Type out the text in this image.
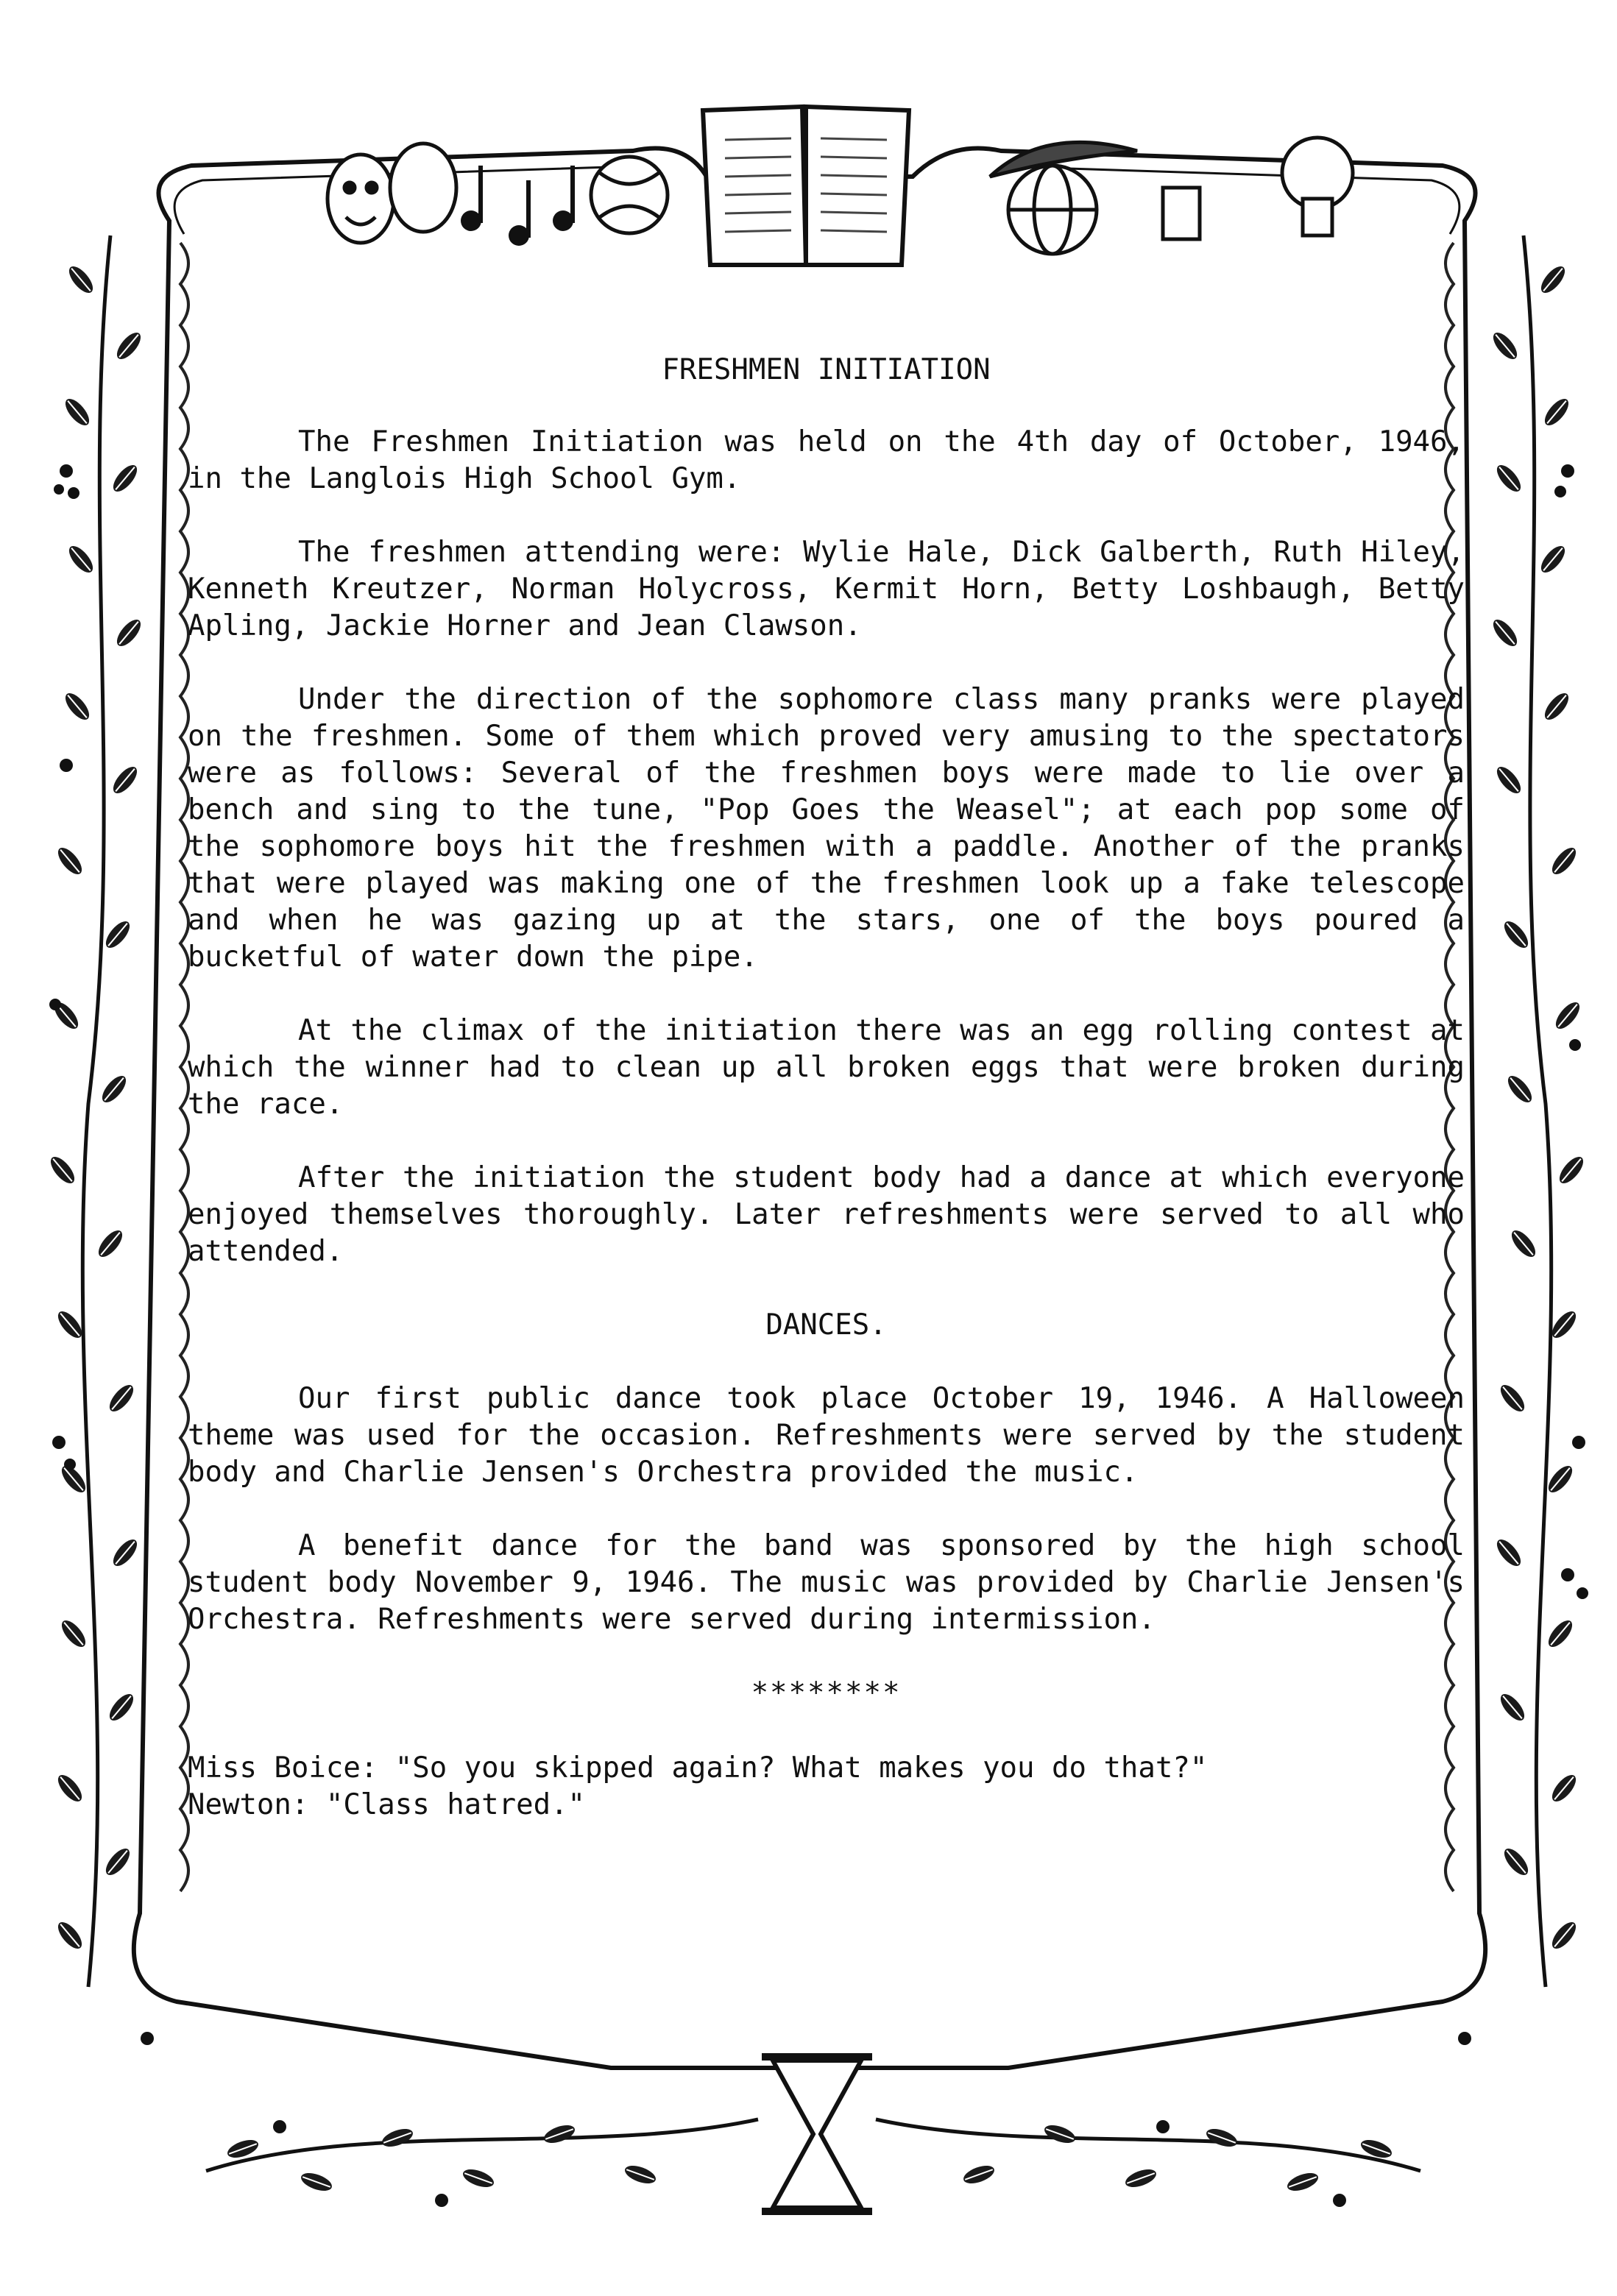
FRESHMEN INITIATION

The Freshmen Initiation was held on the 4th day of October, 1946, in the Langlois High School Gym.

The freshmen attending were: Wylie Hale, Dick Galberth, Ruth Hiley, Kenneth Kreutzer, Norman Holycross, Kermit Horn, Betty Loshbaugh, Betty Apling, Jackie Horner and Jean Clawson.

Under the direction of the sophomore class many pranks were played on the freshmen. Some of them which proved very amusing to the spectators were as follows: Several of the freshmen boys were made to lie over a bench and sing to the tune, "Pop Goes the Weasel"; at each pop some of the sophomore boys hit the freshmen with a paddle. Another of the pranks that were played was making one of the freshmen look up a fake telescope and when he was gazing up at the stars, one of the boys poured a bucketful of water down the pipe.

At the climax of the initiation there was an egg rolling contest at which the winner had to clean up all broken eggs that were broken during the race.

After the initiation the student body had a dance at which everyone enjoyed themselves thoroughly. Later refreshments were served to all who attended.

DANCES.

Our first public dance took place October 19, 1946. A Halloween theme was used for the occasion. Refreshments were served by the student body and Charlie Jensen's Orchestra provided the music.

A benefit dance for the band was sponsored by the high school student body November 9, 1946. The music was provided by Charlie Jensen's Orchestra. Refreshments were served during intermission.

********

Miss Boice: "So you skipped again? What makes you do that?"
Newton: "Class hatred."
